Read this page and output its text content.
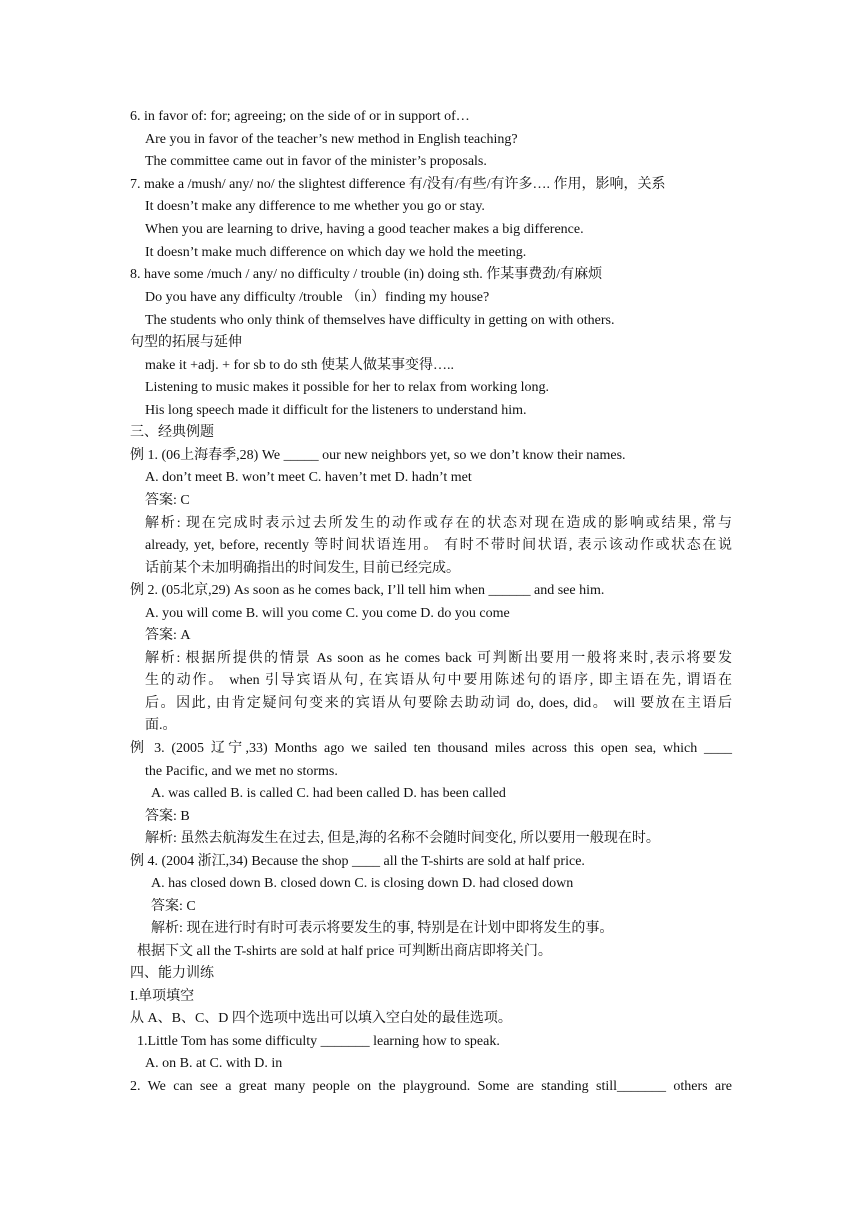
6. in favor of: for; agreeing; on the side of or in support of…
Are you in favor of the teacher’s new method in English teaching?
The committee came out in favor of the minister’s proposals.
7. make a /mush/ any/ no/ the slightest difference 有/没有/有些/有许多…. 作用，影响，关系
It doesn’t make any difference to me whether you go or stay.
When you are learning to drive, having a good teacher makes a big difference.
It doesn’t make much difference on which day we hold the meeting.
8. have some /much / any/ no difficulty / trouble (in) doing sth. 作某事费劲/有麻烦
Do you have any difficulty /trouble （in）finding my house?
The students who only think of themselves have difficulty in getting on with others.
句型的拓展与延伸
make it +adj. + for sb to do sth 使某人做某事变得…..
Listening to music makes it possible for her to relax from working long.
His long speech made it difficult for the listeners to understand him.
三、经典例题
例 1. (06上海春季,28) We _____ our new neighbors yet, so we don’t know their names.
A. don’t meet B. won’t meet C. haven’t met D. hadn’t met
答案: C
解析: 现在完成时表示过去所发生的动作或存在的状态对现在造成的影响或结果, 常与
already, yet, before, recently 等时间状语连用。 有时不带时间状语, 表示该动作或状态在说
话前某个未加明确指出的时间发生, 目前已经完成。
例 2. (05北京,29) As soon as he comes back, I’ll tell him when ______ and see him.
A. you will come B. will you come C. you come D. do you come
答案: A
解析: 根据所提供的情景 As soon as he comes back 可判断出要用一般将来时,表示将要发
生的动作。 when 引导宾语从句, 在宾语从句中要用陈述句的语序, 即主语在先, 谓语在
后。因此, 由肯定疑问句变来的宾语从句要除去助动词 do, does, did。 will 要放在主语后
面.。
例 3. (2005 辽宁,33) Months ago we sailed ten thousand miles across this open sea, which ____
the Pacific, and we met no storms.
A. was called B. is called C. had been called D. has been called
答案: B
解析: 虽然去航海发生在过去, 但是,海的名称不会随时间变化, 所以要用一般现在时。
例 4. (2004 浙江,34) Because the shop ____ all the T-shirts are sold at half price.
A. has closed down B. closed down C. is closing down D. had closed down
答案: C
解析: 现在进行时有时可表示将要发生的事, 特别是在计划中即将发生的事。
根据下文 all the T-shirts are sold at half price 可判断出商店即将关门。
四、能力训练
I.单项填空
从 A、B、C、D 四个选项中选出可以填入空白处的最佳选项。
1.Little Tom has some difficulty _______ learning how to speak.
A. on B. at C. with D. in
2. We can see a great many people on the playground. Some are standing still_______ others are
